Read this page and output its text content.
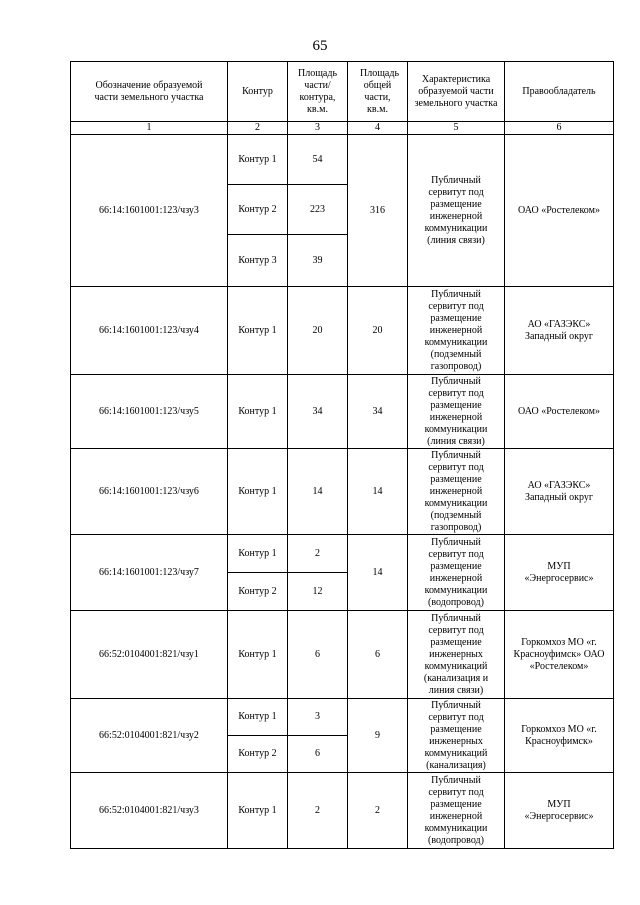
65
Обозначение образуемой части земельного участка	Контур	Площадь части/ контура, кв.м.	Площадь общей части, кв.м.	Характеристика образуемой части земельного участка	Правообладатель
1	2	3	4	5	6
66:14:1601001:123/чзу3	Контур 1	54	316	Публичный сервитут под размещение инженерной коммуникации (линия связи)	ОАО «Ростелеком»
	Контур 2	223			
	Контур 3	39			
66:14:1601001:123/чзу4	Контур 1	20	20	Публичный сервитут под размещение инженерной коммуникации (подземный газопровод)	АО «ГАЗЭКС» Западный округ
66:14:1601001:123/чзу5	Контур 1	34	34	Публичный сервитут под размещение инженерной коммуникации (линия связи)	ОАО «Ростелеком»
66:14:1601001:123/чзу6	Контур 1	14	14	Публичный сервитут под размещение инженерной коммуникации (подземный газопровод)	АО «ГАЗЭКС» Западный округ
66:14:1601001:123/чзу7	Контур 1	2	14	Публичный сервитут под размещение инженерной коммуникации (водопровод)	МУП «Энергосервис»
	Контур 2	12			
66:52:0104001:821/чзу1	Контур 1	6	6	Публичный сервитут под размещение инженерных коммуникаций (канализация и линия связи)	Горкомхоз МО «г. Красноуфимск» ОАО «Ростелеком»
66:52:0104001:821/чзу2	Контур 1	3	9	Публичный сервитут под размещение инженерных коммуникаций (канализация)	Горкомхоз МО «г. Красноуфимск»
	Контур 2	6			
66:52:0104001:821/чзу3	Контур 1	2	2	Публичный сервитут под размещение инженерной коммуникации (водопровод)	МУП «Энергосервис»
